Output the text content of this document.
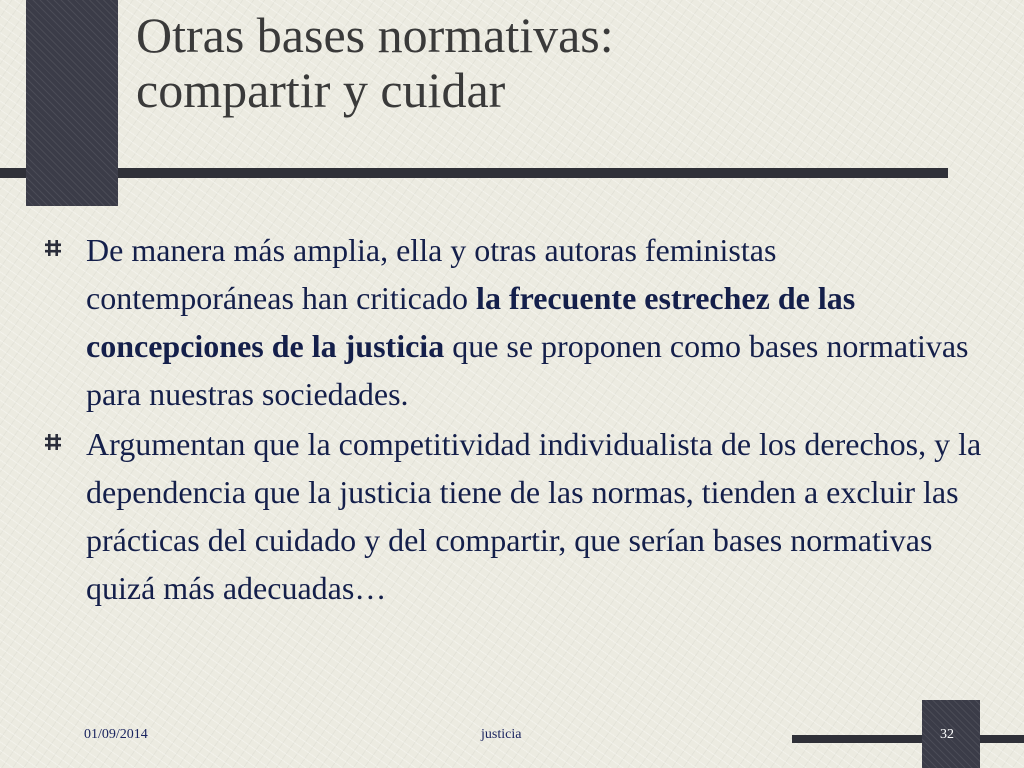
Otras bases normativas:
compartir y cuidar
De manera más amplia, ella y otras autoras feministas contemporáneas han criticado la frecuente estrechez de las concepciones de la justicia que se proponen como bases normativas para nuestras sociedades.
Argumentan que la competitividad individualista de los derechos, y la dependencia que la justicia tiene de las normas, tienden a excluir las prácticas del cuidado y del compartir, que serían bases normativas quizá más adecuadas…
01/09/2014	justicia	32
